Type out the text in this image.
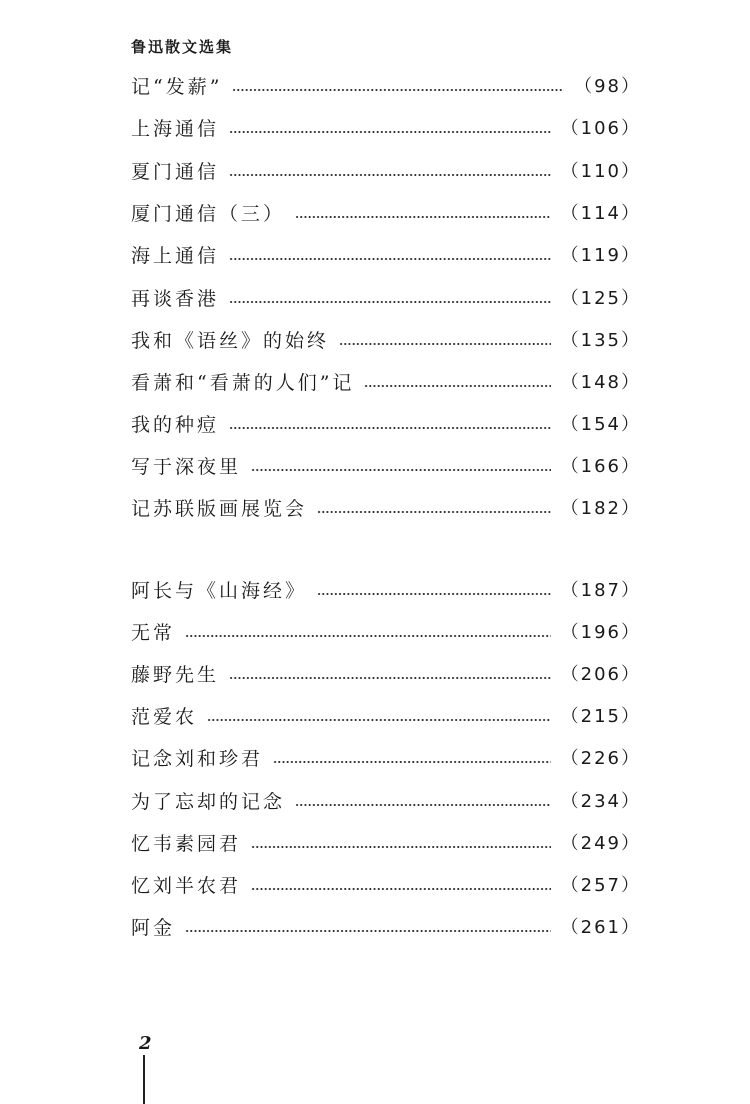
鲁迅散文选集
记“发薪”	（98）
上海通信	（106）
夏门通信	（110）
厦门通信（三）	（114）
海上通信	（119）
再谈香港	（125）
我和《语丝》的始终	（135）
看萧和“看萧的人们”记	（148）
我的种痘	（154）
写于深夜里	（166）
记苏联版画展览会	（182）
阿长与《山海经》	（187）
无常	（196）
藤野先生	（206）
范爱农	（215）
记念刘和珍君	（226）
为了忘却的记念	（234）
忆韦素园君	（249）
忆刘半农君	（257）
阿金	（261）
2
